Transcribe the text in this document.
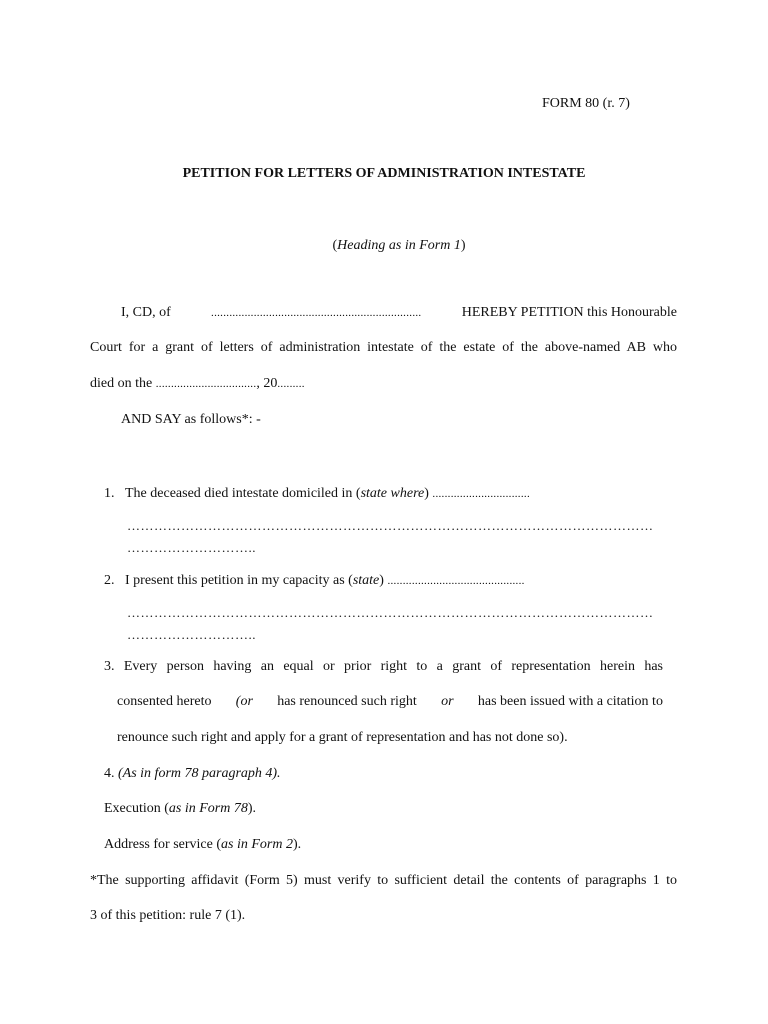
FORM 80 (r. 7)
PETITION FOR LETTERS OF ADMINISTRATION INTESTATE
(Heading as in Form 1)
I, CD, of	.....................................................................	HEREBY PETITION this Honourable
Court for a grant of letters of administration intestate of the estate of the above-named AB who
died on the ................................., 20.........
AND SAY as follows*: -
1. The deceased died intestate domiciled in (state where) ................................
………………………………………………………………………………………………………
………………………..
2. I present this petition in my capacity as (state) .............................................
………………………………………………………………………………………………………
………………………..
3. Every person having an equal or prior right to a grant of representation herein has
consented hereto (or has renounced such right or has been issued with a citation to
renounce such right and apply for a grant of representation and has not done so).
4. (As in form 78 paragraph 4).
Execution (as in Form 78).
Address for service (as in Form 2).
*The supporting affidavit (Form 5) must verify to sufficient detail the contents of paragraphs 1 to
3 of this petition: rule 7 (1).
